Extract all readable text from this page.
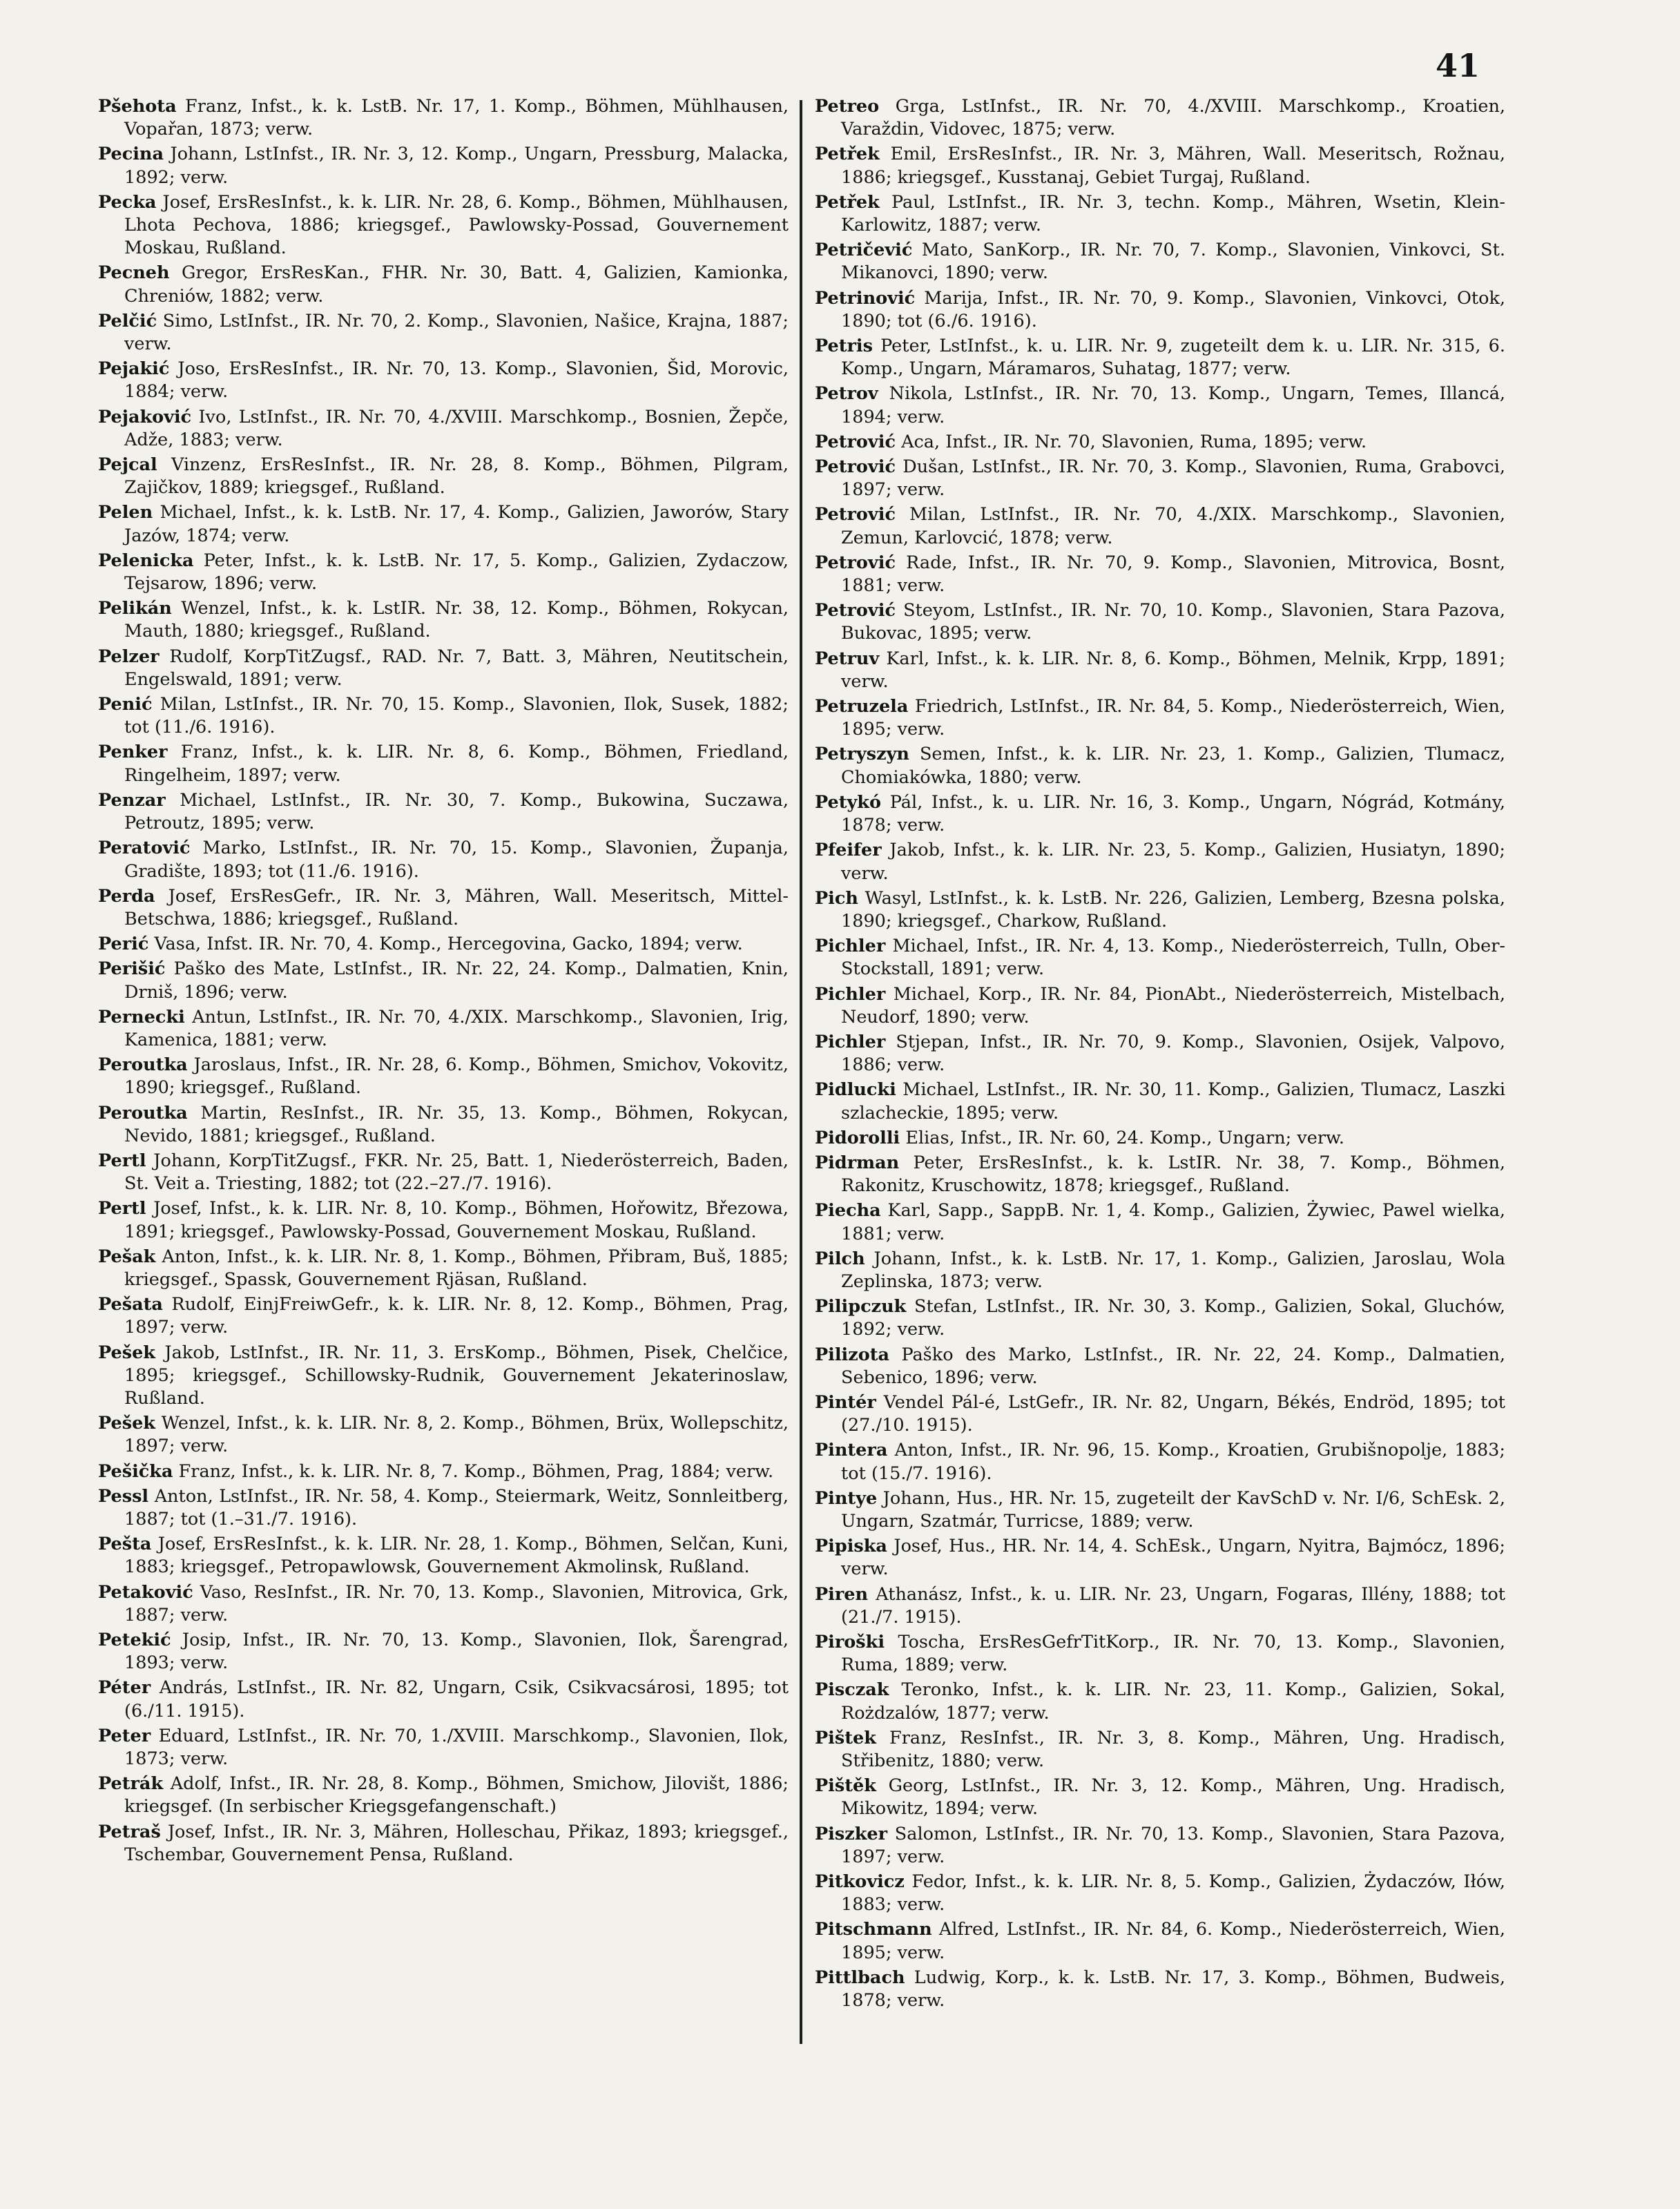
41

Pšehota Franz, Infst., k. k. LstB. Nr. 17, 1. Komp., Böhmen, Mühlhausen, Vopařan, 1873; verw.

Pecina Johann, LstInfst., IR. Nr. 3, 12. Komp., Ungarn, Pressburg, Malacka, 1892; verw.

Pecka Josef, ErsResInfst., k. k. LIR. Nr. 28, 6. Komp., Böhmen, Mühlhausen, Lhota Pechova, 1886; kriegsgef., Pawlowsky-Possad, Gouvernement Moskau, Rußland.

Pecneh Gregor, ErsResKan., FHR. Nr. 30, Batt. 4, Galizien, Kamionka, Chreniów, 1882; verw.

Pelčić Simo, LstInfst., IR. Nr. 70, 2. Komp., Slavonien, Našice, Krajna, 1887; verw.

Pejakić Joso, ErsResInfst., IR. Nr. 70, 13. Komp., Slavonien, Šid, Morovic, 1884; verw.

Pejaković Ivo, LstInfst., IR. Nr. 70, 4./XVIII. Marschkomp., Bosnien, Žepče, Adže, 1883; verw.

Pejcal Vinzenz, ErsResInfst., IR. Nr. 28, 8. Komp., Böhmen, Pilgram, Zajičkov, 1889; kriegsgef., Rußland.

Pelen Michael, Infst., k. k. LstB. Nr. 17, 4. Komp., Galizien, Jaworów, Stary Jazów, 1874; verw.

Pelenicka Peter, Infst., k. k. LstB. Nr. 17, 5. Komp., Galizien, Zydaczow, Tejsarow, 1896; verw.

Pelikán Wenzel, Infst., k. k. LstIR. Nr. 38, 12. Komp., Böhmen, Rokycan, Mauth, 1880; kriegsgef., Rußland.

Pelzer Rudolf, KorpTitZugsf., RAD. Nr. 7, Batt. 3, Mähren, Neutitschein, Engelswald, 1891; verw.

Penić Milan, LstInfst., IR. Nr. 70, 15. Komp., Slavonien, Ilok, Susek, 1882; tot (11./6. 1916).

Penker Franz, Infst., k. k. LIR. Nr. 8, 6. Komp., Böhmen, Friedland, Ringelheim, 1897; verw.

Penzar Michael, LstInfst., IR. Nr. 30, 7. Komp., Bukowina, Suczawa, Petroutz, 1895; verw.

Peratović Marko, LstInfst., IR. Nr. 70, 15. Komp., Slavonien, Županja, Gradište, 1893; tot (11./6. 1916).

Perda Josef, ErsResGefr., IR. Nr. 3, Mähren, Wall. Meseritsch, Mittel-Betschwa, 1886; kriegsgef., Rußland.

Perić Vasa, Infst. IR. Nr. 70, 4. Komp., Hercegovina, Gacko, 1894; verw.

Perišić Paško des Mate, LstInfst., IR. Nr. 22, 24. Komp., Dalmatien, Knin, Drniš, 1896; verw.

Pernecki Antun, LstInfst., IR. Nr. 70, 4./XIX. Marschkomp., Slavonien, Irig, Kamenica, 1881; verw.

Peroutka Jaroslaus, Infst., IR. Nr. 28, 6. Komp., Böhmen, Smichov, Vokovitz, 1890; kriegsgef., Rußland.

Peroutka Martin, ResInfst., IR. Nr. 35, 13. Komp., Böhmen, Rokycan, Nevido, 1881; kriegsgef., Rußland.

Pertl Johann, KorpTitZugsf., FKR. Nr. 25, Batt. 1, Niederösterreich, Baden, St. Veit a. Triesting, 1882; tot (22.–27./7. 1916).

Pertl Josef, Infst., k. k. LIR. Nr. 8, 10. Komp., Böhmen, Hořowitz, Březowa, 1891; kriegsgef., Pawlowsky-Possad, Gouvernement Moskau, Rußland.

Pešak Anton, Infst., k. k. LIR. Nr. 8, 1. Komp., Böhmen, Přibram, Buš, 1885; kriegsgef., Spassk, Gouvernement Rjäsan, Rußland.

Pešata Rudolf, EinjFreiwGefr., k. k. LIR. Nr. 8, 12. Komp., Böhmen, Prag, 1897; verw.

Pešek Jakob, LstInfst., IR. Nr. 11, 3. ErsKomp., Böhmen, Pisek, Chelčice, 1895; kriegsgef., Schillowsky-Rudnik, Gouvernement Jekaterinoslaw, Rußland.

Pešek Wenzel, Infst., k. k. LIR. Nr. 8, 2. Komp., Böhmen, Brüx, Wollepschitz, 1897; verw.

Pešička Franz, Infst., k. k. LIR. Nr. 8, 7. Komp., Böhmen, Prag, 1884; verw.

Pessl Anton, LstInfst., IR. Nr. 58, 4. Komp., Steiermark, Weitz, Sonnleitberg, 1887; tot (1.–31./7. 1916).

Pešta Josef, ErsResInfst., k. k. LIR. Nr. 28, 1. Komp., Böhmen, Selčan, Kuni, 1883; kriegsgef., Petropawlowsk, Gouvernement Akmolinsk, Rußland.

Petaković Vaso, ResInfst., IR. Nr. 70, 13. Komp., Slavonien, Mitrovica, Grk, 1887; verw.

Petekić Josip, Infst., IR. Nr. 70, 13. Komp., Slavonien, Ilok, Šarengrad, 1893; verw.

Péter András, LstInfst., IR. Nr. 82, Ungarn, Csik, Csikvacsárosi, 1895; tot (6./11. 1915).

Peter Eduard, LstInfst., IR. Nr. 70, 1./XVIII. Marschkomp., Slavonien, Ilok, 1873; verw.

Petrák Adolf, Infst., IR. Nr. 28, 8. Komp., Böhmen, Smichow, Jilovišt, 1886; kriegsgef. (In serbischer Kriegsgefangenschaft.)

Petraš Josef, Infst., IR. Nr. 3, Mähren, Holleschau, Přikaz, 1893; kriegsgef., Tschembar, Gouvernement Pensa, Rußland.

Petreo Grga, LstInfst., IR. Nr. 70, 4./XVIII. Marschkomp., Kroatien, Varaždin, Vidovec, 1875; verw.

Petřek Emil, ErsResInfst., IR. Nr. 3, Mähren, Wall. Meseritsch, Rožnau, 1886; kriegsgef., Kusstanaj, Gebiet Turgaj, Rußland.

Petřek Paul, LstInfst., IR. Nr. 3, techn. Komp., Mähren, Wsetin, Klein-Karlowitz, 1887; verw.

Petričević Mato, SanKorp., IR. Nr. 70, 7. Komp., Slavonien, Vinkovci, St. Mikanovci, 1890; verw.

Petrinović Marija, Infst., IR. Nr. 70, 9. Komp., Slavonien, Vinkovci, Otok, 1890; tot (6./6. 1916).

Petris Peter, LstInfst., k. u. LIR. Nr. 9, zugeteilt dem k. u. LIR. Nr. 315, 6. Komp., Ungarn, Máramaros, Suhatag, 1877; verw.

Petrov Nikola, LstInfst., IR. Nr. 70, 13. Komp., Ungarn, Temes, Illancá, 1894; verw.

Petrović Aca, Infst., IR. Nr. 70, Slavonien, Ruma, 1895; verw.

Petrović Dušan, LstInfst., IR. Nr. 70, 3. Komp., Slavonien, Ruma, Grabovci, 1897; verw.

Petrović Milan, LstInfst., IR. Nr. 70, 4./XIX. Marschkomp., Slavonien, Zemun, Karlovcić, 1878; verw.

Petrović Rade, Infst., IR. Nr. 70, 9. Komp., Slavonien, Mitrovica, Bosnt, 1881; verw.

Petrović Steyom, LstInfst., IR. Nr. 70, 10. Komp., Slavonien, Stara Pazova, Bukovac, 1895; verw.

Petruv Karl, Infst., k. k. LIR. Nr. 8, 6. Komp., Böhmen, Melnik, Krpp, 1891; verw.

Petruzela Friedrich, LstInfst., IR. Nr. 84, 5. Komp., Niederösterreich, Wien, 1895; verw.

Petryszyn Semen, Infst., k. k. LIR. Nr. 23, 1. Komp., Galizien, Tlumacz, Chomiakówka, 1880; verw.

Petykó Pál, Infst., k. u. LIR. Nr. 16, 3. Komp., Ungarn, Nógrád, Kotmány, 1878; verw.

Pfeifer Jakob, Infst., k. k. LIR. Nr. 23, 5. Komp., Galizien, Husiatyn, 1890; verw.

Pich Wasyl, LstInfst., k. k. LstB. Nr. 226, Galizien, Lemberg, Bzesna polska, 1890; kriegsgef., Charkow, Rußland.

Pichler Michael, Infst., IR. Nr. 4, 13. Komp., Niederösterreich, Tulln, Ober-Stockstall, 1891; verw.

Pichler Michael, Korp., IR. Nr. 84, PionAbt., Niederösterreich, Mistelbach, Neudorf, 1890; verw.

Pichler Stjepan, Infst., IR. Nr. 70, 9. Komp., Slavonien, Osijek, Valpovo, 1886; verw.

Pidlucki Michael, LstInfst., IR. Nr. 30, 11. Komp., Galizien, Tlumacz, Laszki szlacheckie, 1895; verw.

Pidorolli Elias, Infst., IR. Nr. 60, 24. Komp., Ungarn; verw.

Pidrman Peter, ErsResInfst., k. k. LstIR. Nr. 38, 7. Komp., Böhmen, Rakonitz, Kruschowitz, 1878; kriegsgef., Rußland.

Piecha Karl, Sapp., SappB. Nr. 1, 4. Komp., Galizien, Żywiec, Pawel wielka, 1881; verw.

Pilch Johann, Infst., k. k. LstB. Nr. 17, 1. Komp., Galizien, Jaroslau, Wola Zeplinska, 1873; verw.

Pilipczuk Stefan, LstInfst., IR. Nr. 30, 3. Komp., Galizien, Sokal, Gluchów, 1892; verw.

Pilizota Paško des Marko, LstInfst., IR. Nr. 22, 24. Komp., Dalmatien, Sebenico, 1896; verw.

Pintér Vendel Pál-é, LstGefr., IR. Nr. 82, Ungarn, Békés, Endröd, 1895; tot (27./10. 1915).

Pintera Anton, Infst., IR. Nr. 96, 15. Komp., Kroatien, Grubišnopolje, 1883; tot (15./7. 1916).

Pintye Johann, Hus., HR. Nr. 15, zugeteilt der KavSchD v. Nr. I/6, SchEsk. 2, Ungarn, Szatmár, Turricse, 1889; verw.

Pipiska Josef, Hus., HR. Nr. 14, 4. SchEsk., Ungarn, Nyitra, Bajmócz, 1896; verw.

Piren Athanász, Infst., k. u. LIR. Nr. 23, Ungarn, Fogaras, Illény, 1888; tot (21./7. 1915).

Piroški Toscha, ErsResGefrTitKorp., IR. Nr. 70, 13. Komp., Slavonien, Ruma, 1889; verw.

Pisczak Teronko, Infst., k. k. LIR. Nr. 23, 11. Komp., Galizien, Sokal, Rożdzalów, 1877; verw.

Pištek Franz, ResInfst., IR. Nr. 3, 8. Komp., Mähren, Ung. Hradisch, Střibenitz, 1880; verw.

Pištěk Georg, LstInfst., IR. Nr. 3, 12. Komp., Mähren, Ung. Hradisch, Mikowitz, 1894; verw.

Piszker Salomon, LstInfst., IR. Nr. 70, 13. Komp., Slavonien, Stara Pazova, 1897; verw.

Pitkovicz Fedor, Infst., k. k. LIR. Nr. 8, 5. Komp., Galizien, Żydaczów, Iłów, 1883; verw.

Pitschmann Alfred, LstInfst., IR. Nr. 84, 6. Komp., Niederösterreich, Wien, 1895; verw.

Pittlbach Ludwig, Korp., k. k. LstB. Nr. 17, 3. Komp., Böhmen, Budweis, 1878; verw.
